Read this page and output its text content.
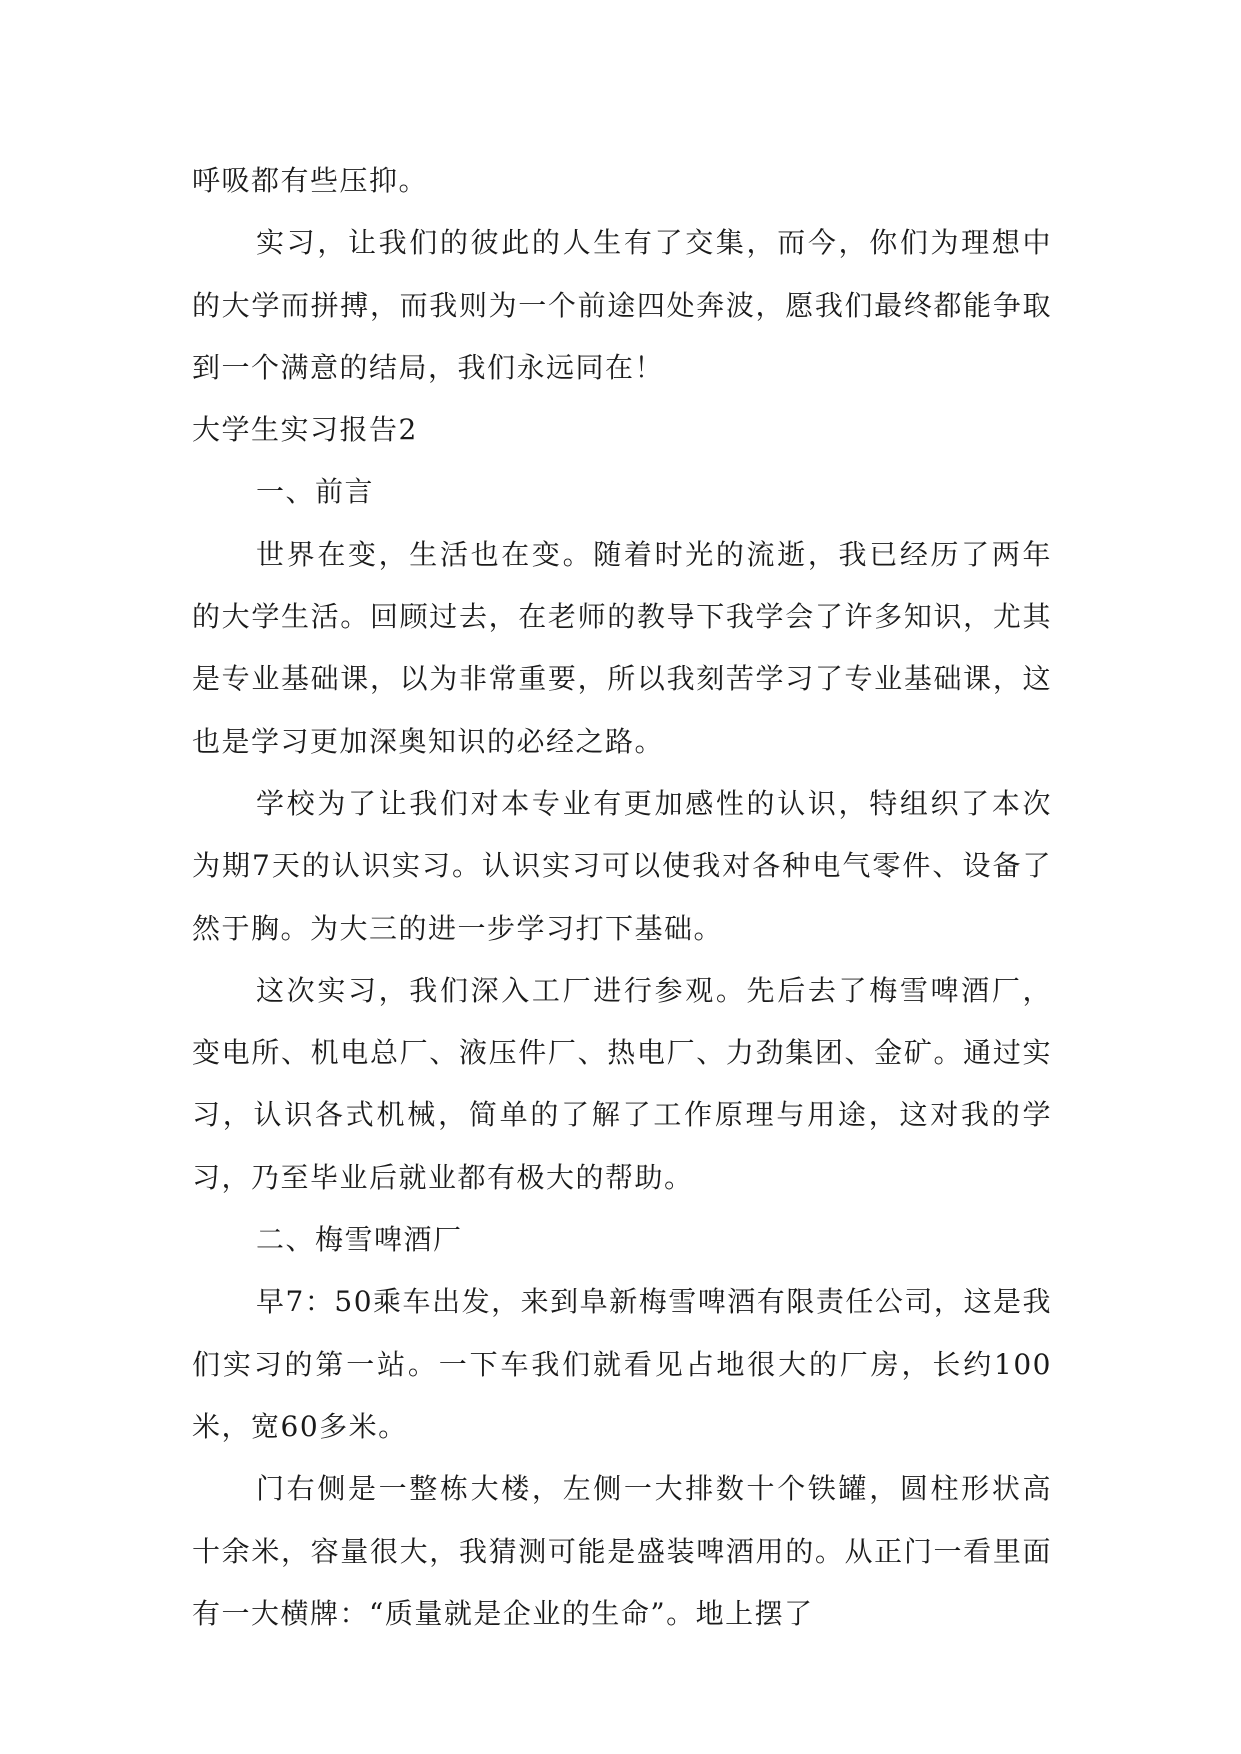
呼吸都有些压抑。

实习，让我们的彼此的人生有了交集，而今，你们为理想中的大学而拼搏，而我则为一个前途四处奔波，愿我们最终都能争取到一个满意的结局，我们永远同在！

大学生实习报告2

一、前言

世界在变，生活也在变。随着时光的流逝，我已经历了两年的大学生活。回顾过去，在老师的教导下我学会了许多知识，尤其是专业基础课，以为非常重要，所以我刻苦学习了专业基础课，这也是学习更加深奥知识的必经之路。

学校为了让我们对本专业有更加感性的认识，特组织了本次为期7天的认识实习。认识实习可以使我对各种电气零件、设备了然于胸。为大三的进一步学习打下基础。

这次实习，我们深入工厂进行参观。先后去了梅雪啤酒厂，变电所、机电总厂、液压件厂、热电厂、力劲集团、金矿。通过实习，认识各式机械，简单的了解了工作原理与用途，这对我的学习，乃至毕业后就业都有极大的帮助。

二、梅雪啤酒厂

早7：50乘车出发，来到阜新梅雪啤酒有限责任公司，这是我们实习的第一站。一下车我们就看见占地很大的厂房，长约100米，宽60多米。

门右侧是一整栋大楼，左侧一大排数十个铁罐，圆柱形状高十余米，容量很大，我猜测可能是盛装啤酒用的。从正门一看里面有一大横牌：“质量就是企业的生命”。地上摆了
